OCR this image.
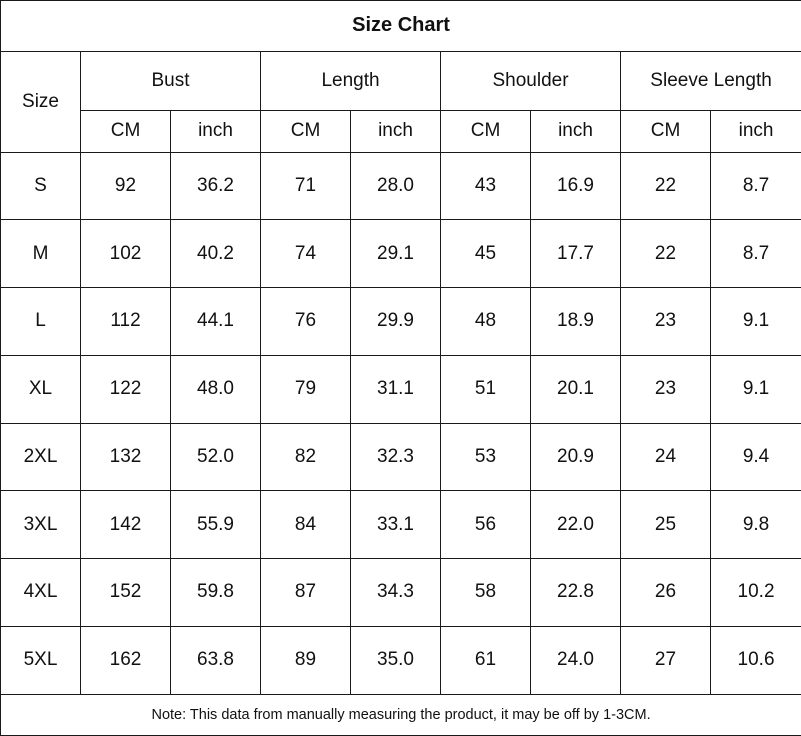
Size Chart								
Size	Bust		Length		Shoulder		Sleeve Length	
	CM	inch	CM	inch	CM	inch	CM	inch
S	92	36.2	71	28.0	43	16.9	22	8.7
M	102	40.2	74	29.1	45	17.7	22	8.7
L	112	44.1	76	29.9	48	18.9	23	9.1
XL	122	48.0	79	31.1	51	20.1	23	9.1
2XL	132	52.0	82	32.3	53	20.9	24	9.4
3XL	142	55.9	84	33.1	56	22.0	25	9.8
4XL	152	59.8	87	34.3	58	22.8	26	10.2
5XL	162	63.8	89	35.0	61	24.0	27	10.6
Note: This data from manually measuring the product, it may be off by 1-3CM.								
